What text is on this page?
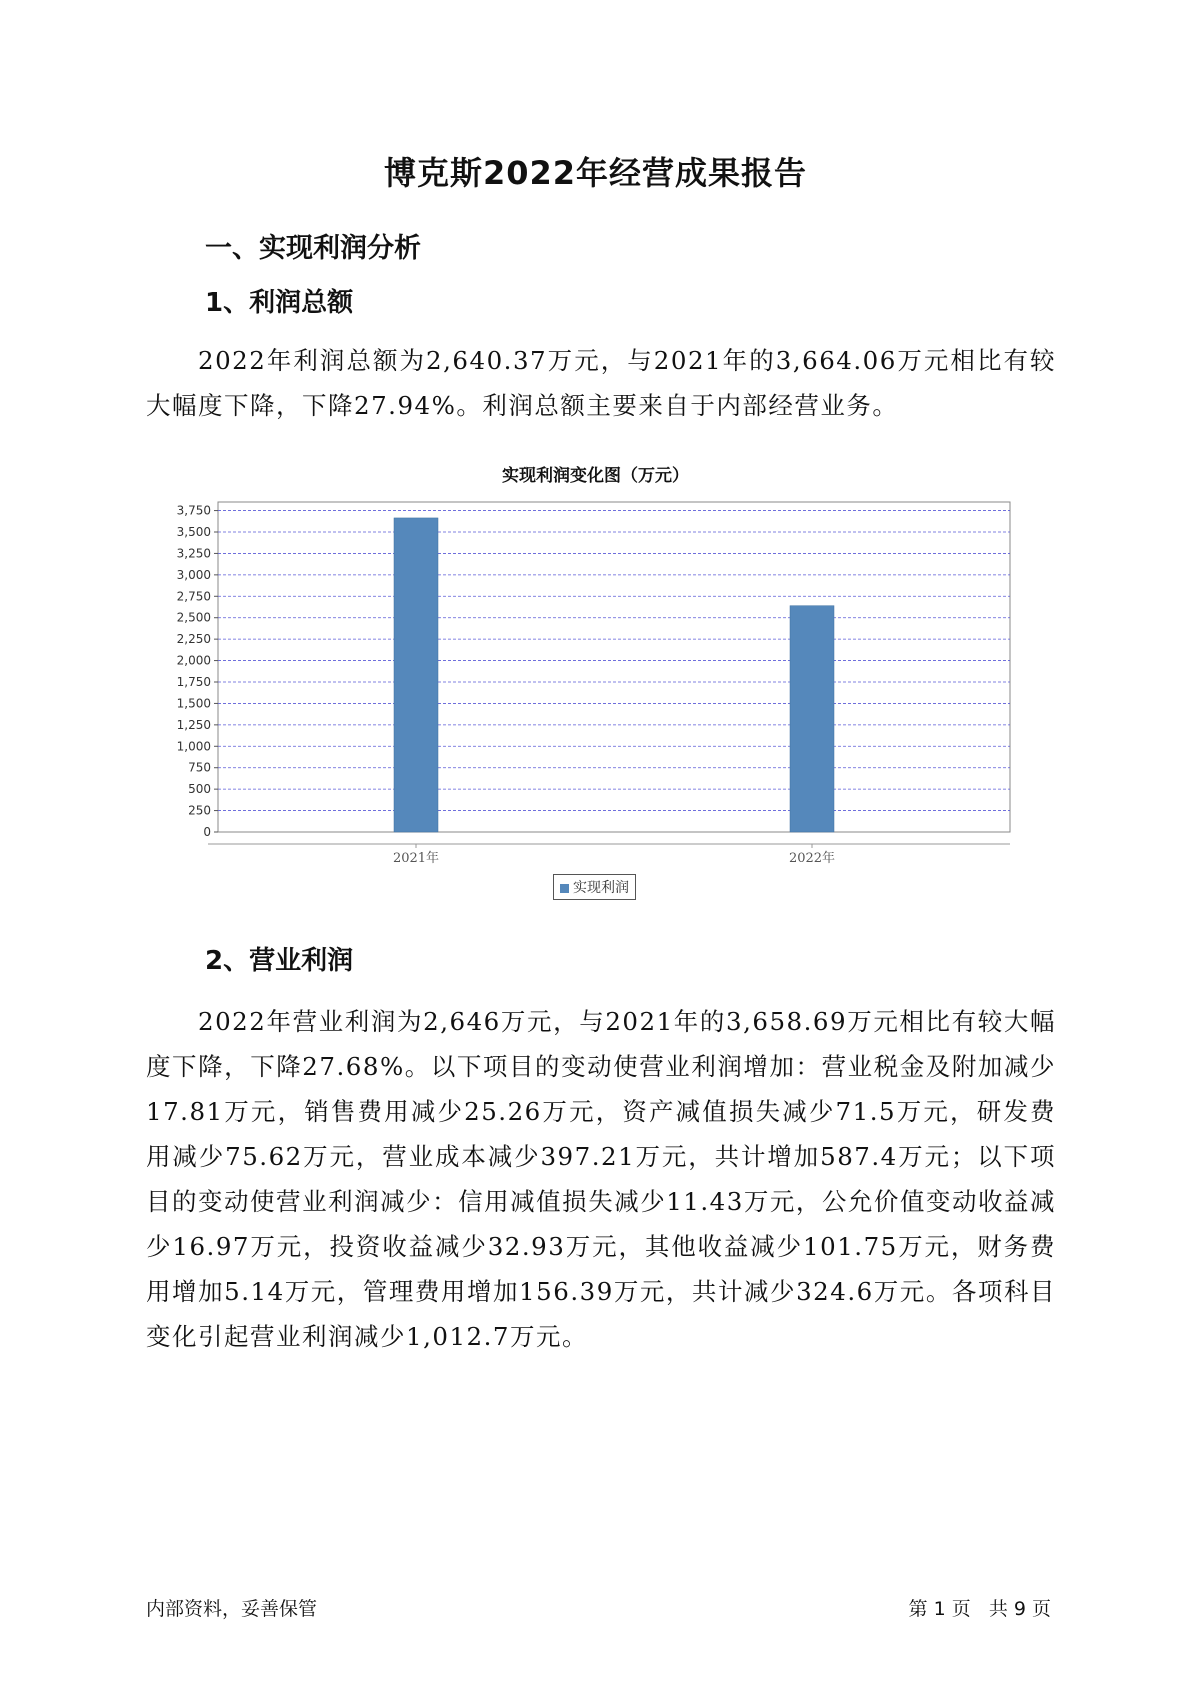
博克斯2022年经营成果报告
一、实现利润分析
1、利润总额

2022年利润总额为2,640.37万元，与2021年的3,664.06万元相比有较大幅度下降，下降27.94%。利润总额主要来自于内部经营业务。

实现利润变化图（万元）
0
250
500
750
1,000
1,250
1,500
1,750
2,000
2,250
2,500
2,750
3,000
3,250
3,500
3,750
2021年	2022年
实现利润
2、营业利润

2022年营业利润为2,646万元，与2021年的3,658.69万元相比有较大幅度下降，下降27.68%。以下项目的变动使营业利润增加：营业税金及附加减少17.81万元，销售费用减少25.26万元，资产减值损失减少71.5万元，研发费用减少75.62万元，营业成本减少397.21万元，共计增加587.4万元；以下项目的变动使营业利润减少：信用减值损失减少11.43万元，公允价值变动收益减少16.97万元，投资收益减少32.93万元，其他收益减少101.75万元，财务费用增加5.14万元，管理费用增加156.39万元，共计减少324.6万元。各项科目变化引起营业利润减少1,012.7万元。

内部资料，妥善保管	第 1 页   共 9 页
